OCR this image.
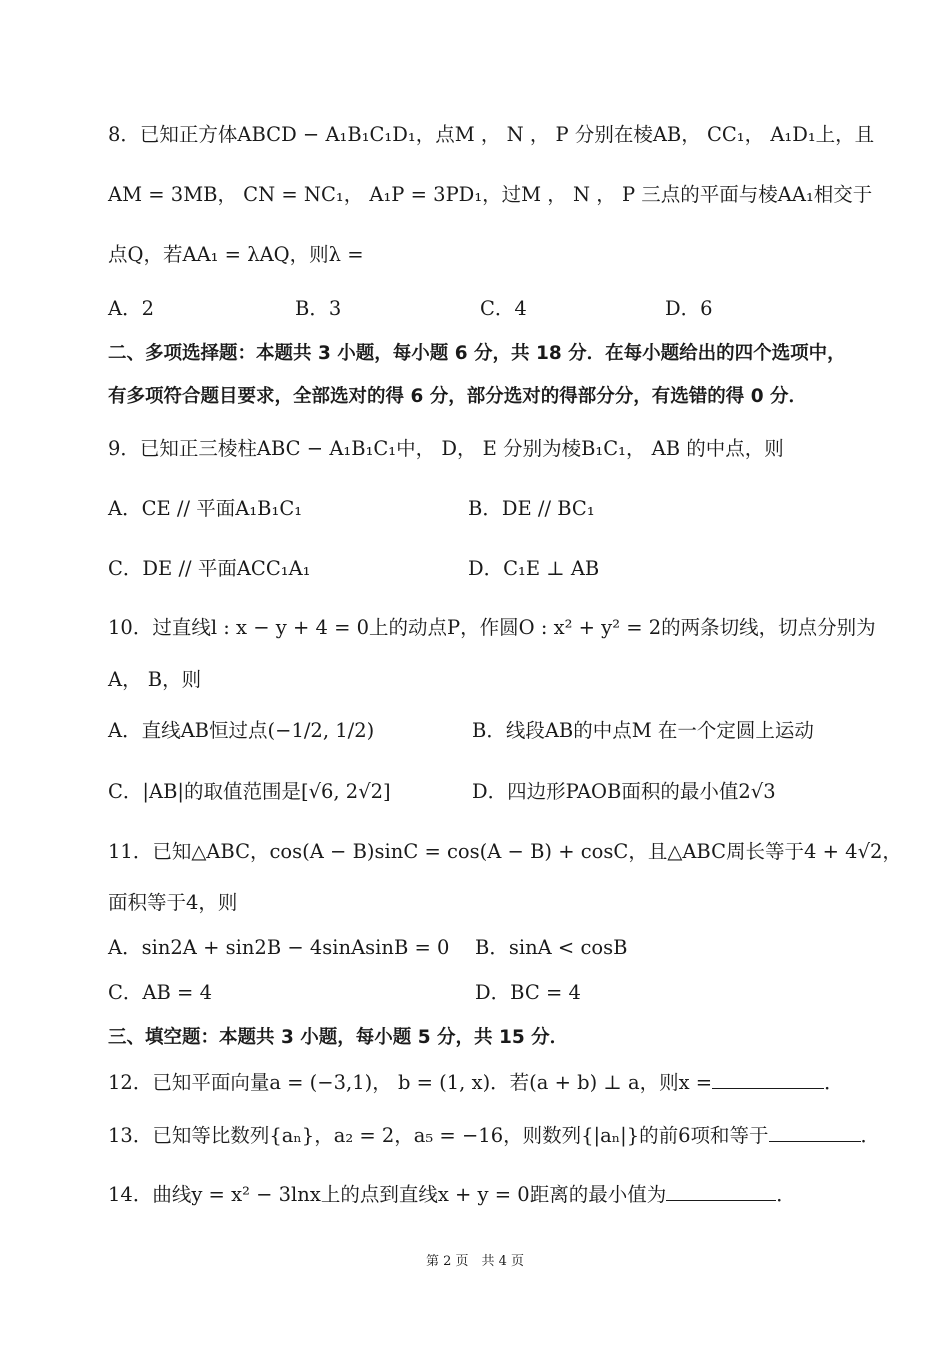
8．已知正方体ABCD − A₁B₁C₁D₁，点M ， N ， P 分别在棱AB， CC₁， A₁D₁上，且
AM = 3MB， CN = NC₁， A₁P = 3PD₁，过M ， N ， P 三点的平面与棱AA₁相交于
点Q，若AA₁ = λAQ，则λ =
A．2	B．3	C．4	D．6
二、多项选择题：本题共 3 小题，每小题 6 分，共 18 分．在每小题给出的四个选项中，
有多项符合题目要求，全部选对的得 6 分，部分选对的得部分分，有选错的得 0 分．
9．已知正三棱柱ABC − A₁B₁C₁中， D， E 分别为棱B₁C₁， AB 的中点，则
A．CE // 平面A₁B₁C₁	B．DE // BC₁
C．DE // 平面ACC₁A₁	D．C₁E ⊥ AB
10．过直线l : x − y + 4 = 0上的动点P，作圆O : x² + y² = 2的两条切线，切点分别为
A， B，则
A．直线AB恒过点(−1/2, 1/2)	B．线段AB的中点M 在一个定圆上运动
C．|AB|的取值范围是[√6, 2√2]	D．四边形PAOB面积的最小值2√3
11．已知△ABC，cos(A − B)sinC = cos(A − B) + cosC，且△ABC周长等于4 + 4√2，
面积等于4，则
A．sin2A + sin2B − 4sinAsinB = 0 B．sinA < cosB
C．AB = 4	D．BC = 4
三、填空题：本题共 3 小题，每小题 5 分，共 15 分．
12．已知平面向量a = (−3,1)， b = (1, x)．若(a + b) ⊥ a，则x =	．
13．已知等比数列{aₙ}，a₂ = 2，a₅ = −16，则数列{|aₙ|}的前6项和等于	．
14．曲线y = x² − 3lnx上的点到直线x + y = 0距离的最小值为	．
第 2 页　共 4 页
